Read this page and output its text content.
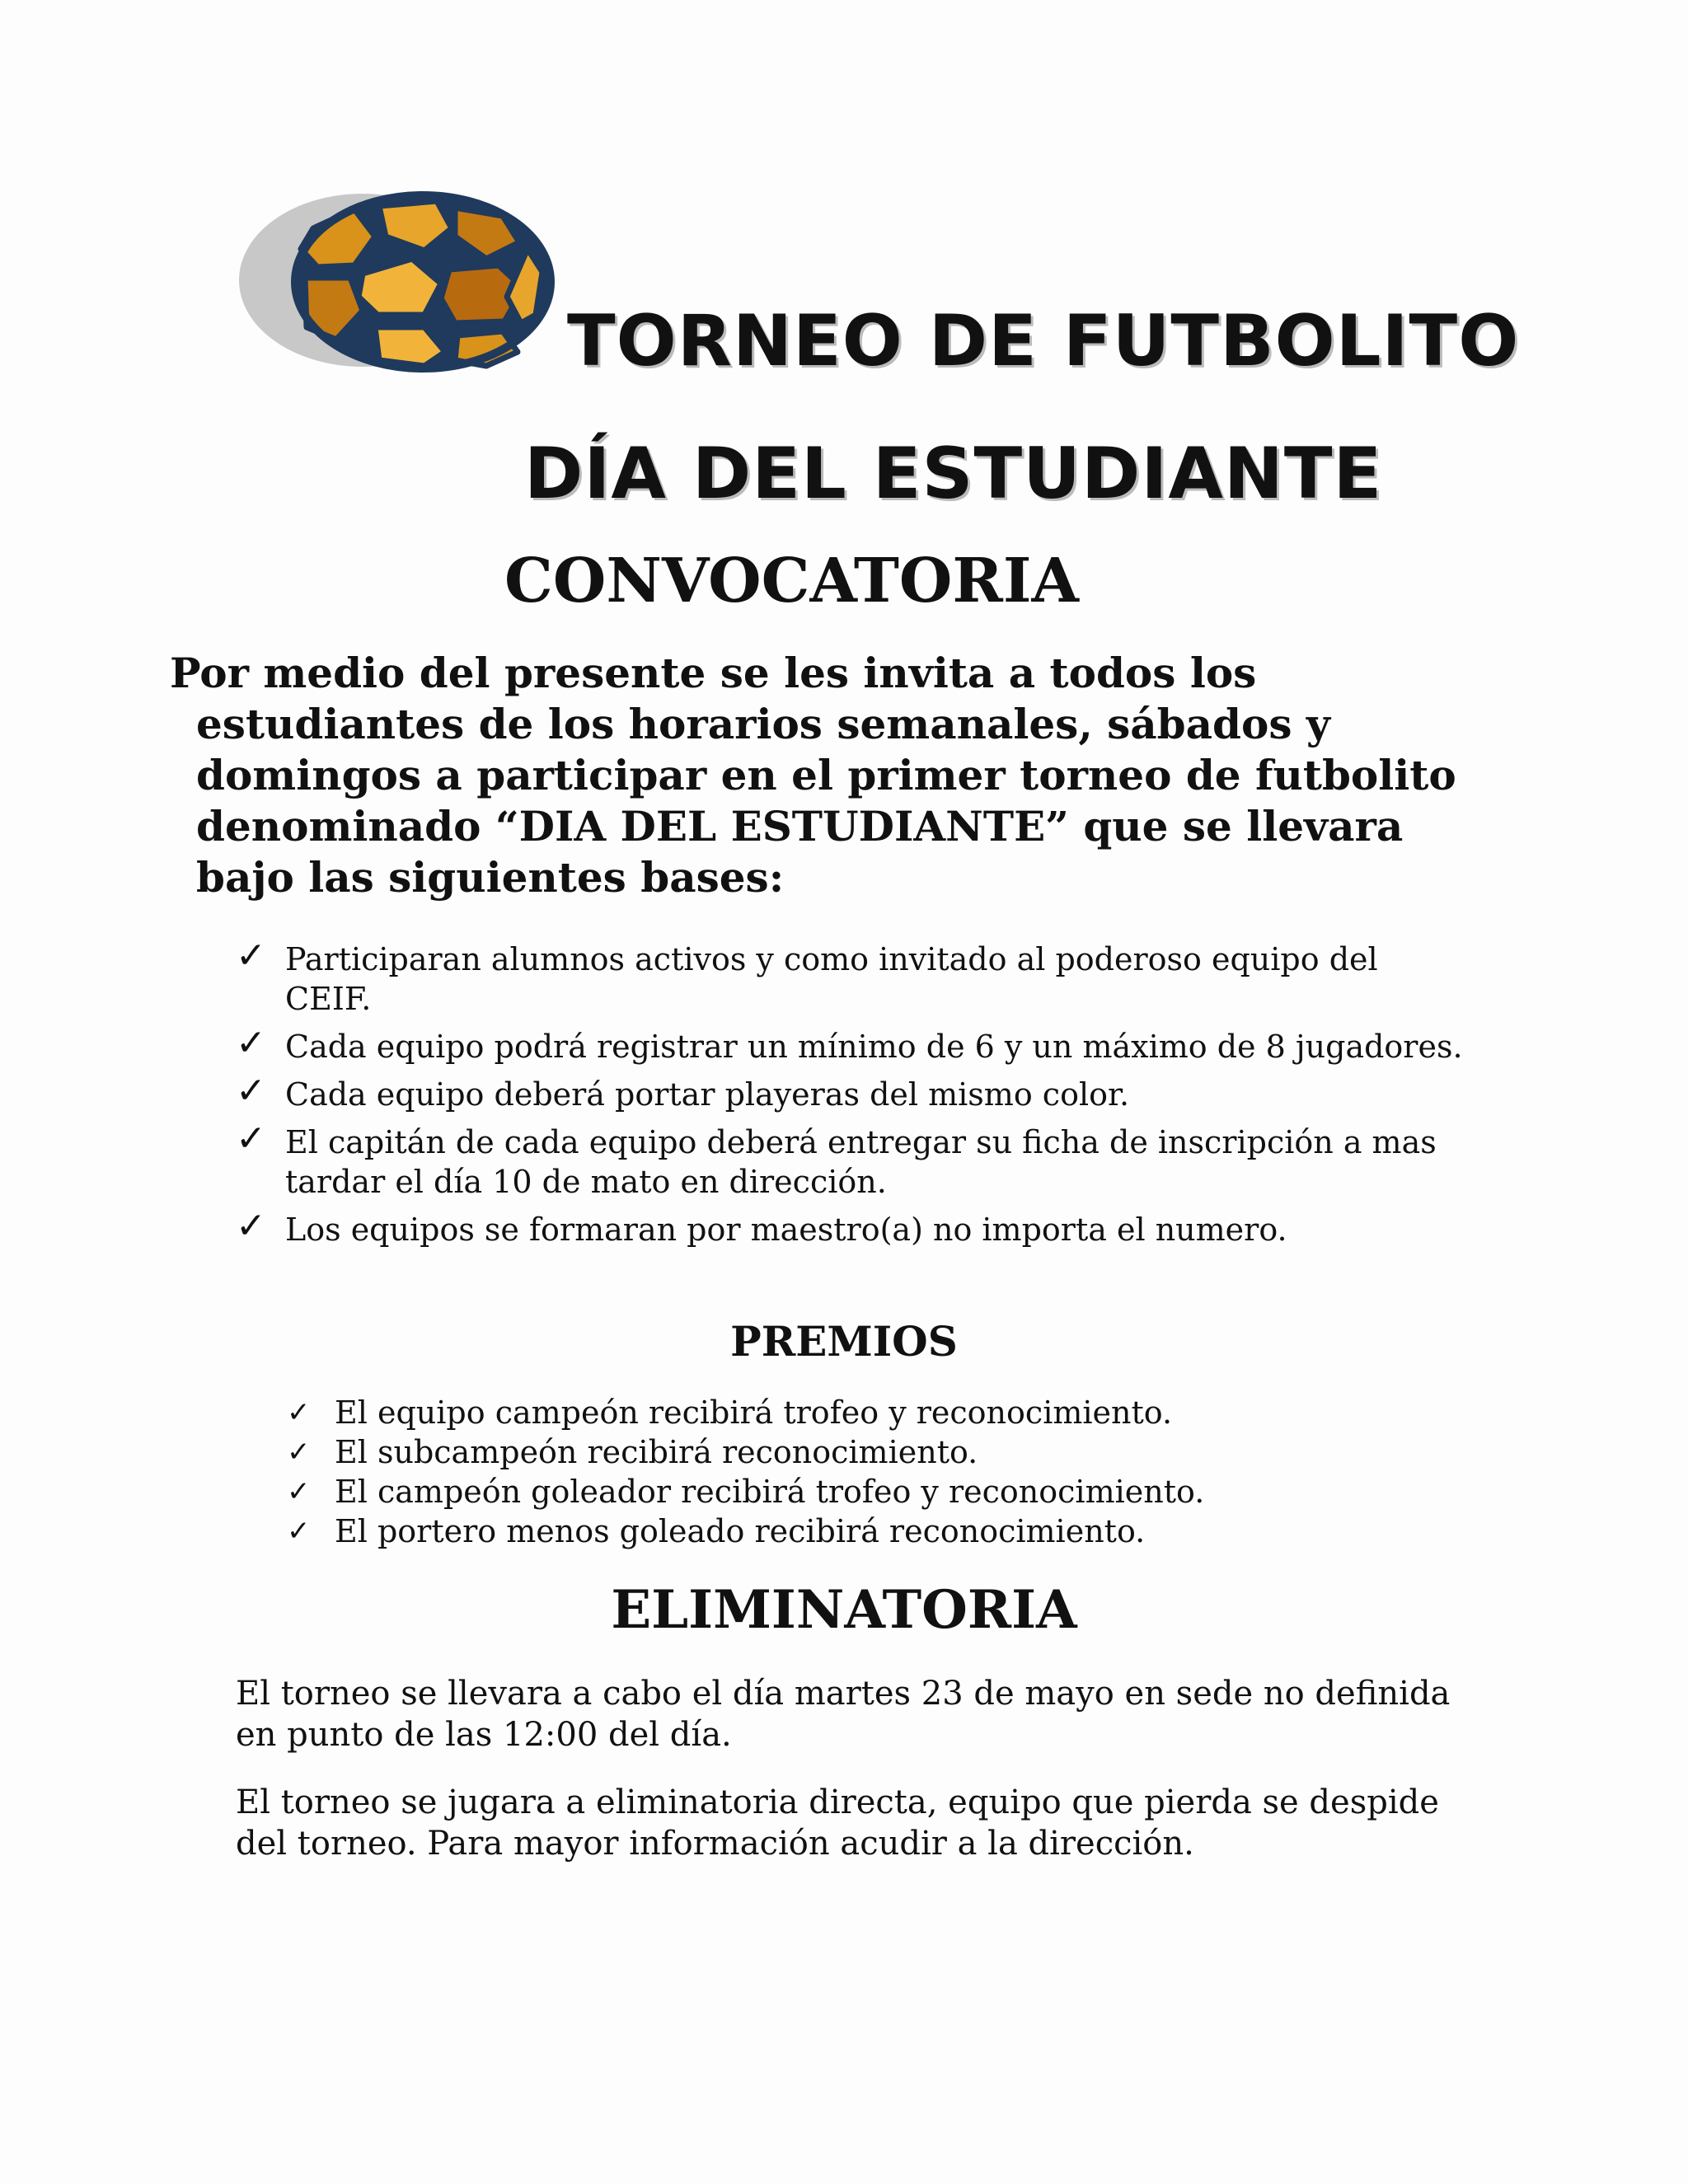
TORNEO DE FUTBOLITO
DÍA DEL ESTUDIANTE
CONVOCATORIA

Por medio del presente se les invita a todos los estudiantes de los horarios semanales, sábados y domingos a participar en el primer torneo de futbolito denominado “DIA DEL ESTUDIANTE” que se llevara bajo las siguientes bases:

✓ Participaran alumnos activos y como invitado al poderoso equipo del CEIF.
✓ Cada equipo podrá registrar un mínimo de 6 y un máximo de 8 jugadores.
✓ Cada equipo deberá portar playeras del mismo color.
✓ El capitán de cada equipo deberá entregar su ficha de inscripción a mas tardar el día 10 de mato en dirección.
✓ Los equipos se formaran por maestro(a) no importa el numero.
PREMIOS
✓ El equipo campeón recibirá trofeo y reconocimiento.
✓ El subcampeón recibirá reconocimiento.
✓ El campeón goleador recibirá trofeo y reconocimiento.
✓ El portero menos goleado recibirá reconocimiento.
ELIMINATORIA

El torneo se llevara a cabo el día martes 23 de mayo en sede no definida en punto de las 12:00 del día.

El torneo se jugara a eliminatoria directa, equipo que pierda se despide del torneo. Para mayor información acudir a la dirección.
